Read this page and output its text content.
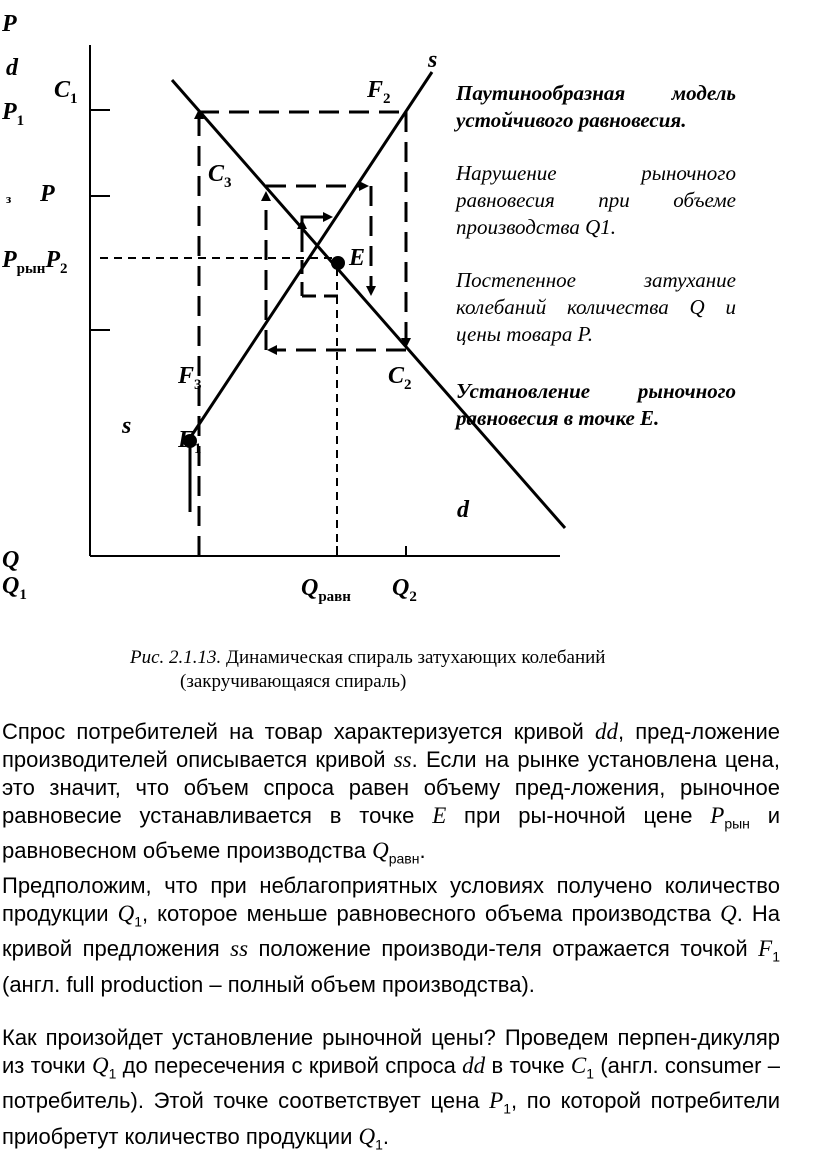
P
d
$P_1$
з P
$P_{рын}P_2$
$C_1$	$F_2$
s
$C_3$
E
$F_3$	$C_2$
s
$F_1$
d
Q
$Q_1$	$Q_{равн}$ $Q_2$
Паутинообразная модель устойчивого равновесия.
Нарушение рыночного равновесия при объеме производства Q1.
Постепенное затухание колебаний количества Q и цены товара P.
Установление рыночного равновесия в точке E.
Рис. 2.1.13. Динамическая спираль затухающих колебаний
(закручивающаяся спираль)
Спрос потребителей на товар характеризуется кривой dd, пред-ложение производителей описывается кривой ss. Если на рынке установлена цена, это значит, что объем спроса равен объему пред-ложения, рыночное равновесие устанавливается в точке E при ры-ночной цене $P_{рын}$ и равновесном объеме производства $Q_{равн}$.
Предположим, что при неблагоприятных условиях получено количество продукции $Q_1$, которое меньше равновесного объема производства Q. На кривой предложения ss положение производи-теля отражается точкой $F_1$ (англ. full production – полный объем производства).
Как произойдет установление рыночной цены? Проведем перпен-дикуляр из точки $Q_1$ до пересечения с кривой спроса dd в точке $C_1$ (англ. consumer – потребитель). Этой точке соответствует цена $P_1$, по которой потребители приобретут количество продукции $Q_1$.
